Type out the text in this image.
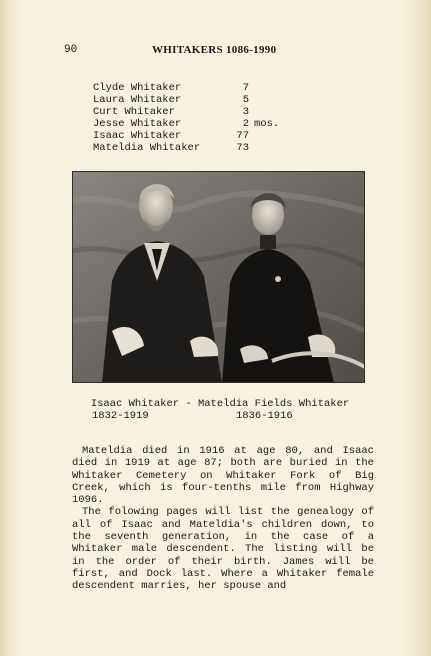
90	WHITAKERS 1086-1990
Clyde Whitaker	7
Laura Whitaker	5
Curt Whitaker	3
Jesse Whitaker	2 mos.
Isaac Whitaker	77
Mateldia Whitaker	73
Isaac Whitaker - Mateldia Fields Whitaker
1832-1919	1836-1916

Mateldia died in 1916 at age 80, and Isaac died in 1919 at age 87; both are buried in the Whitaker Cemetery on Whitaker Fork of Big Creek, which is four-tenths mile from Highway 1096.

The folowing pages will list the genealogy of all of Isaac and Mateldia's children down, to the seventh generation, in the case of a Whitaker male descendent. The listing will be in the order of their birth. James will be first, and Dock last. Where a Whitaker female descendent marries, her spouse and
